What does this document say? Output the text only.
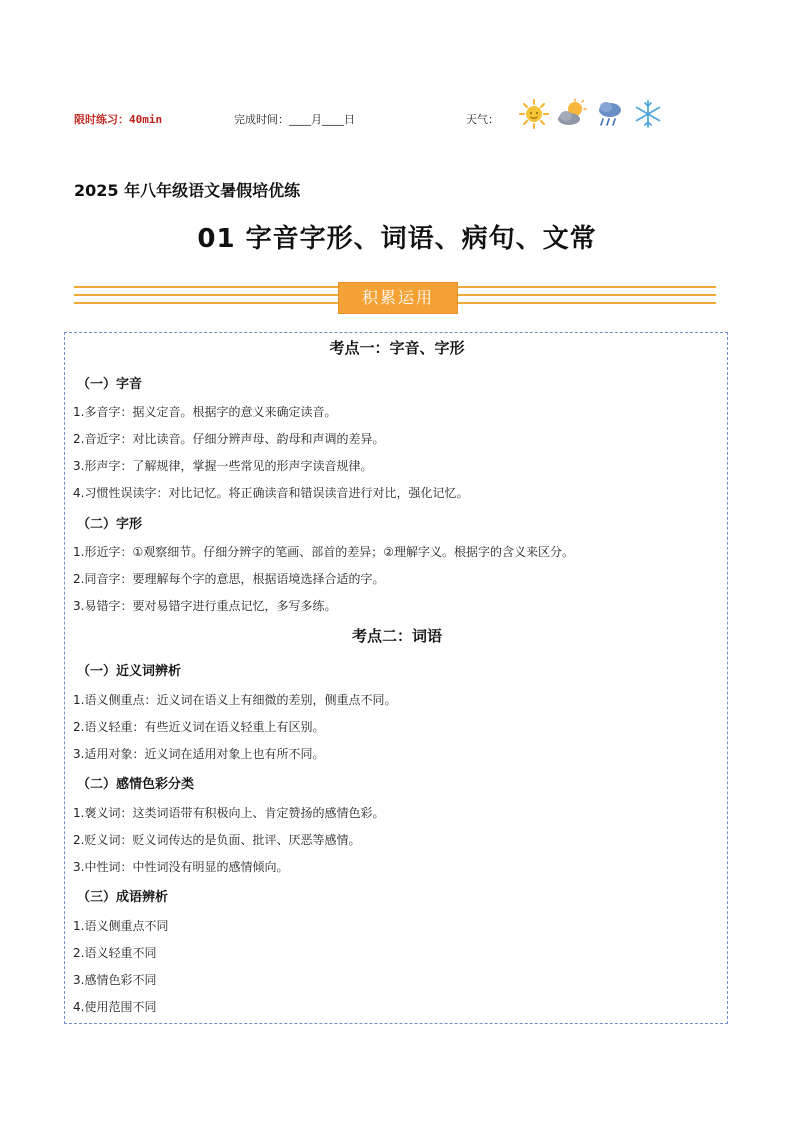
限时练习：40min	完成时间：____月____日	天气：
2025 年八年级语文暑假培优练
01 字音字形、词语、病句、文常
积累运用
考点一：字音、字形
（一）字音
1.多音字：据义定音。根据字的意义来确定读音。
2.音近字：对比读音。仔细分辨声母、韵母和声调的差异。
3.形声字：了解规律，掌握一些常见的形声字读音规律。
4.习惯性误读字：对比记忆。将正确读音和错误读音进行对比，强化记忆。
（二）字形
1.形近字：①观察细节。仔细分辨字的笔画、部首的差异；②理解字义。根据字的含义来区分。
2.同音字：要理解每个字的意思，根据语境选择合适的字。
3.易错字：要对易错字进行重点记忆，多写多练。
考点二：词语
（一）近义词辨析
1.语义侧重点：近义词在语义上有细微的差别，侧重点不同。
2.语义轻重：有些近义词在语义轻重上有区别。
3.适用对象：近义词在适用对象上也有所不同。
（二）感情色彩分类
1.褒义词：这类词语带有积极向上、肯定赞扬的感情色彩。
2.贬义词：贬义词传达的是负面、批评、厌恶等感情。
3.中性词：中性词没有明显的感情倾向。
（三）成语辨析
1.语义侧重点不同
2.语义轻重不同
3.感情色彩不同
4.使用范围不同
